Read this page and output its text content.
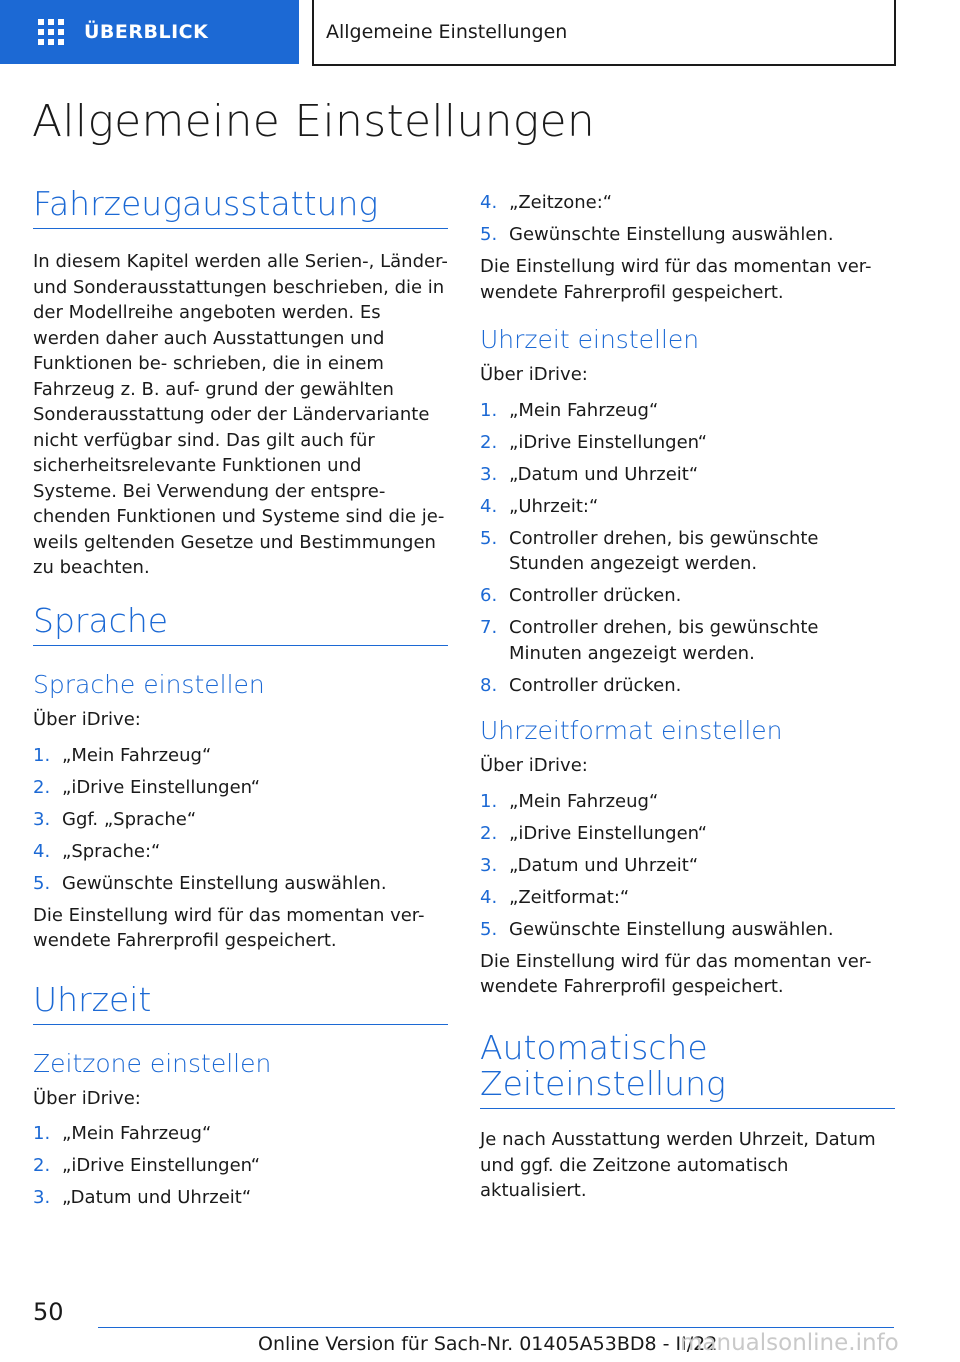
ÜBERBLICK	Allgemeine Einstellungen
Allgemeine Einstellungen
Fahrzeugausstattung

In diesem Kapitel werden alle Serien-, Länder- und Sonderausstattungen beschrieben, die in der Modellreihe angeboten werden. Es werden daher auch Ausstattungen und Funktionen be- schrieben, die in einem Fahrzeug z. B. auf- grund der gewählten Sonderausstattung oder der Ländervariante nicht verfügbar sind. Das gilt auch für sicherheitsrelevante Funktionen und Systeme. Bei Verwendung der entspre- chenden Funktionen und Systeme sind die je- weils geltenden Gesetze und Bestimmungen zu beachten.

Sprache
Sprache einstellen

Über iDrive:

1. „Mein Fahrzeug“
2. „iDrive Einstellungen“
3. Ggf. „Sprache“
4. „Sprache:“
5. Gewünschte Einstellung auswählen.

Die Einstellung wird für das momentan ver- wendete Fahrerprofil gespeichert.

Uhrzeit
Zeitzone einstellen

Über iDrive:

1. „Mein Fahrzeug“
2. „iDrive Einstellungen“
3. „Datum und Uhrzeit“
4. „Zeitzone:“
5. Gewünschte Einstellung auswählen.

Die Einstellung wird für das momentan ver- wendete Fahrerprofil gespeichert.

Uhrzeit einstellen

Über iDrive:

1. „Mein Fahrzeug“
2. „iDrive Einstellungen“
3. „Datum und Uhrzeit“
4. „Uhrzeit:“
5. Controller drehen, bis gewünschte Stunden angezeigt werden.
6. Controller drücken.
7. Controller drehen, bis gewünschte Minuten angezeigt werden.
8. Controller drücken.
Uhrzeitformat einstellen

Über iDrive:

1. „Mein Fahrzeug“
2. „iDrive Einstellungen“
3. „Datum und Uhrzeit“
4. „Zeitformat:“
5. Gewünschte Einstellung auswählen.

Die Einstellung wird für das momentan ver- wendete Fahrerprofil gespeichert.

Automatische
Zeiteinstellung

Je nach Ausstattung werden Uhrzeit, Datum und ggf. die Zeitzone automatisch aktualisiert.

50
Online Version für Sach-Nr. 01405A53BD8 - II/22
manualsonline.info
